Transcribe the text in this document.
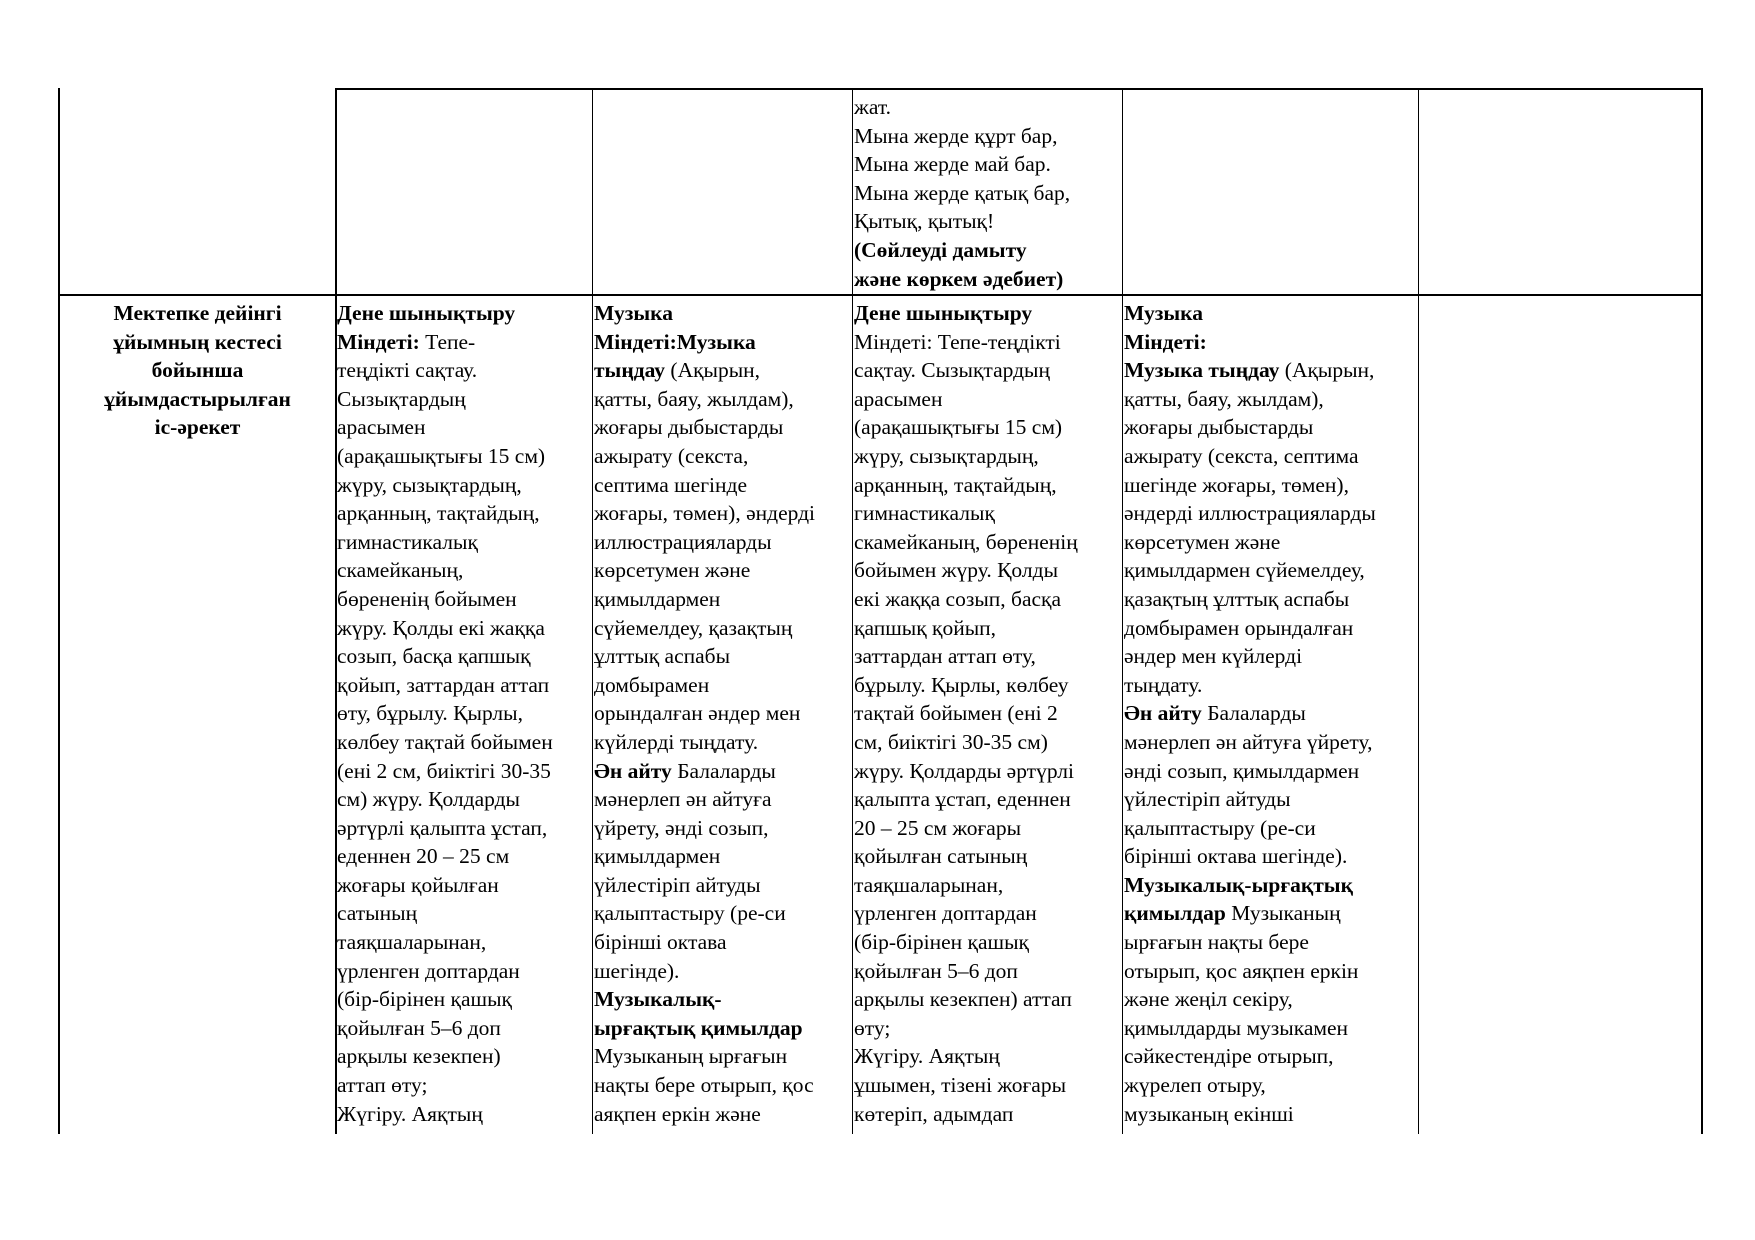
жат.

Мына жерде құрт бар,

Мына жерде май бар.

Мына жерде қатық бар,

Қытық, қытық!

(Сөйлеуді дамыту

және көркем әдебиет)

Мектепке дейінгі

ұйымның кестесі

бойынша

ұйымдастырылған

іс-әрекет

Дене шынықтыру

Міндеті: Тепе-

теңдікті сақтау.

Сызықтардың

арасымен

(арақашықтығы 15 см)

жүру, сызықтардың,

арқанның, тақтайдың,

гимнастикалық

скамейканың,

бөрененің бойымен

жүру. Қолды екі жаққа

созып, басқа қапшық

қойып, заттардан аттап

өту, бұрылу. Қырлы,

көлбеу тақтай бойымен

(ені 2 см, биіктігі 30-35

см) жүру. Қолдарды

әртүрлі қалыпта ұстап,

еденнен 20 – 25 см

жоғары қойылған

сатының

таяқшаларынан,

үрленген доптардан

(бір-бірінен қашық

қойылған 5–6 доп

арқылы кезекпен)

аттап өту;

Жүгіру. Аяқтың

Музыка

Міндеті:Музыка

тыңдау (Ақырын,

қатты, баяу, жылдам),

жоғары дыбыстарды

ажырату (секста,

септима шегінде

жоғары, төмен), әндерді

иллюстрацияларды

көрсетумен және

қимылдармен

сүйемелдеу, қазақтың

ұлттық аспабы

домбырамен

орындалған әндер мен

күйлерді тыңдату.

Ән айту Балаларды

мәнерлеп ән айтуға

үйрету, әнді созып,

қимылдармен

үйлестіріп айтуды

қалыптастыру (ре-си

бірінші октава

шегінде).

Музыкалық-

ырғақтық қимылдар

Музыканың ырғағын

нақты бере отырып, қос

аяқпен еркін және

Дене шынықтыру

Міндеті: Тепе-теңдікті

сақтау. Сызықтардың

арасымен

(арақашықтығы 15 см)

жүру, сызықтардың,

арқанның, тақтайдың,

гимнастикалық

скамейканың, бөрененің

бойымен жүру. Қолды

екі жаққа созып, басқа

қапшық қойып,

заттардан аттап өту,

бұрылу. Қырлы, көлбеу

тақтай бойымен (ені 2

см, биіктігі 30-35 см)

жүру. Қолдарды әртүрлі

қалыпта ұстап, еденнен

20 – 25 см жоғары

қойылған сатының

таяқшаларынан,

үрленген доптардан

(бір-бірінен қашық

қойылған 5–6 доп

арқылы кезекпен) аттап

өту;

Жүгіру. Аяқтың

ұшымен, тізені жоғары

көтеріп, адымдап

Музыка

Міндеті:

Музыка тыңдау (Ақырын,

қатты, баяу, жылдам),

жоғары дыбыстарды

ажырату (секста, септима

шегінде жоғары, төмен),

әндерді иллюстрацияларды

көрсетумен және

қимылдармен сүйемелдеу,

қазақтың ұлттық аспабы

домбырамен орындалған

әндер мен күйлерді

тыңдату.

Ән айту Балаларды

мәнерлеп ән айтуға үйрету,

әнді созып, қимылдармен

үйлестіріп айтуды

қалыптастыру (ре-си

бірінші октава шегінде).

Музыкалық-ырғақтық

қимылдар Музыканың

ырғағын нақты бере

отырып, қос аяқпен еркін

және жеңіл секіру,

қимылдарды музыкамен

сәйкестендіре отырып,

жүрелеп отыру,

музыканың екінші
